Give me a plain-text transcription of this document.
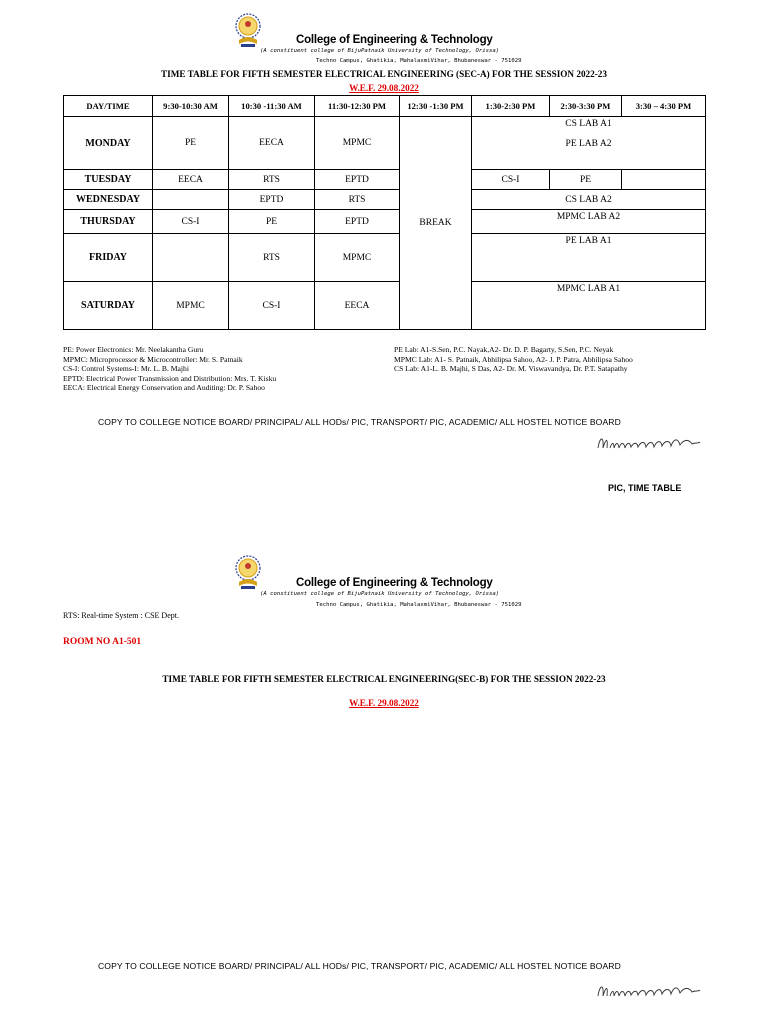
College of Engineering & Technology
(A constituent college of BijuPatnaik University of Technology, Orissa)
Techno Campus, Ghatikia, MahalaxmiVihar, Bhubaneswar - 751029
TIME TABLE FOR FIFTH SEMESTER ELECTRICAL ENGINEERING (SEC-A) FOR THE SESSION 2022-23
W.E.F. 29.08.2022
DAY/TIME	9:30-10:30 AM	10:30 -11:30 AM	11:30-12:30 PM	12:30 -1:30 PM	1:30-2:30 PM	2:30-3:30 PM	3:30 – 4:30 PM
MONDAY	PE	EECA	MPMC	BREAK	CS LAB A1
PE LAB A2		

TUESDAY	EECA	RTS	EPTD		CS-I	PE	
WEDNESDAY		EPTD	RTS		CS LAB A2		
THURSDAY	CS-I	PE	EPTD		MPMC LAB A2		
FRIDAY		RTS	MPMC		PE LAB A1		
SATURDAY	MPMC	CS-I	EECA		MPMC LAB A1		
PE: Power Electronics: Mr. Neelakantha Guru
MPMC: Microprocessor & Microcontroller: Mr. S. Patnaik
CS-I: Control Systems-I: Mr. L. B. Majhi
EPTD: Electrical Power Transmission and Distribution: Mrs. T. Kisku
EECA: Electrical Energy Conservation and Auditing: Dr. P. Sahoo
PE Lab: A1-S.Sen, P.C. Nayak,A2- Dr. D. P. Bagarty, S.Sen, P.C. Neyak
MPMC Lab: A1- S. Patnaik, Abhilipsa Sahoo, A2- J. P. Patra, Abhilipsa Sahoo
CS Lab: A1-L. B. Majhi, S Das, A2- Dr. M. Viswavandya, Dr. P.T. Satapathy
COPY TO COLLEGE NOTICE BOARD/ PRINCIPAL/ ALL HODs/ PIC, TRANSPORT/ PIC, ACADEMIC/ ALL HOSTEL NOTICE BOARD
PIC, TIME TABLE
College of Engineering & Technology
(A constituent college of BijuPatnaik University of Technology, Orissa)
Techno Campus, Ghatikia, MahalaxmiVihar, Bhubaneswar - 751029
RTS: Real-time System : CSE Dept.
ROOM NO A1-501
TIME TABLE FOR FIFTH SEMESTER ELECTRICAL ENGINEERING(SEC-B) FOR THE SESSION 2022-23
W.E.F. 29.08.2022
COPY TO COLLEGE NOTICE BOARD/ PRINCIPAL/ ALL HODs/ PIC, TRANSPORT/ PIC, ACADEMIC/ ALL HOSTEL NOTICE BOARD
